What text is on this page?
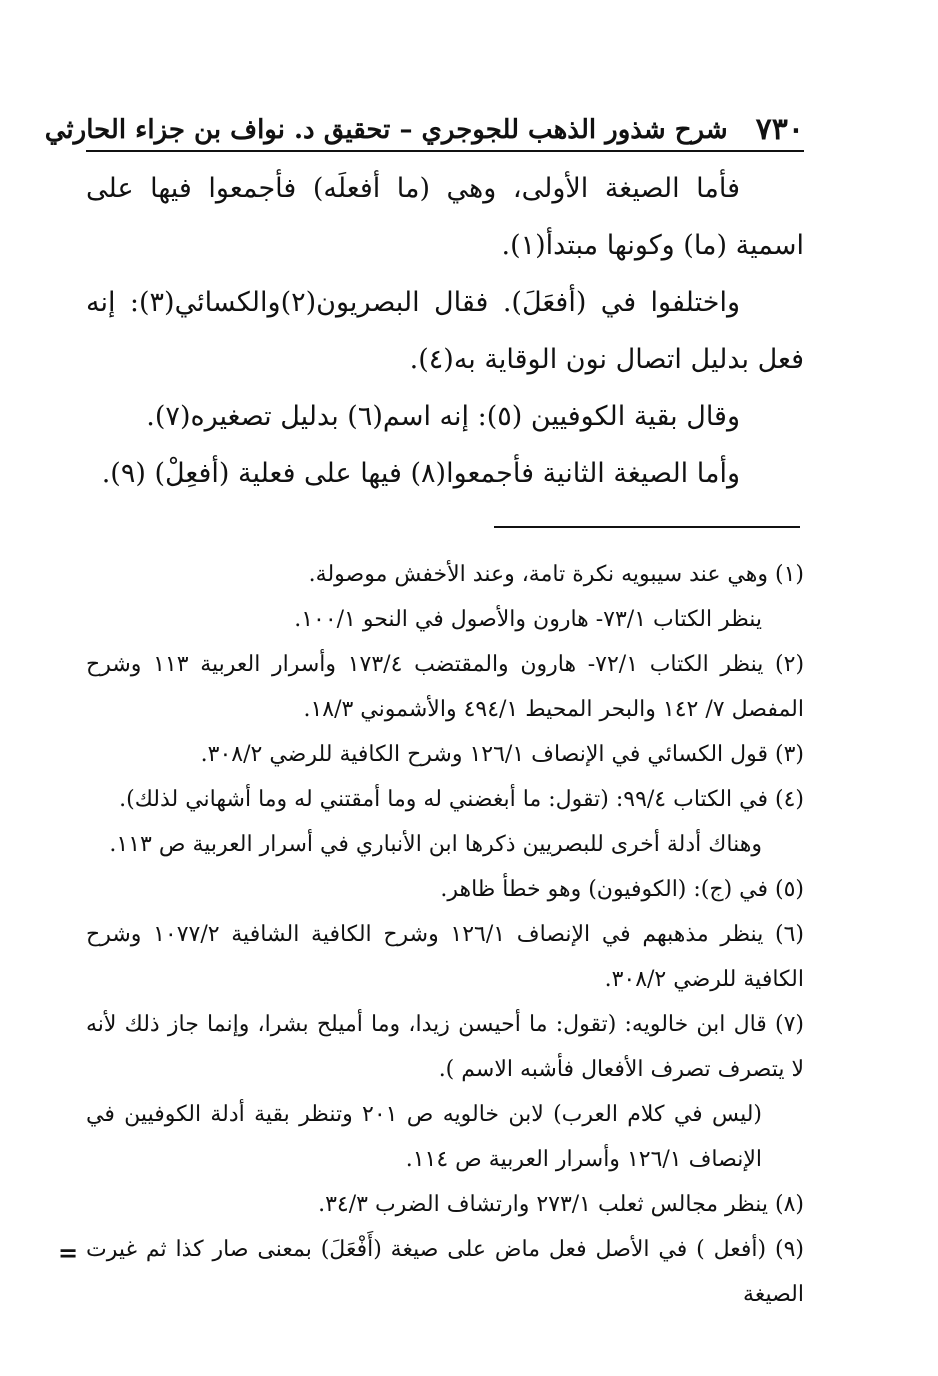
٧٣٠
شرح شذور الذهب للجوجري – تحقيق د. نواف بن جزاء الحارثي

فأما الصيغة الأولى، وهي (ما أفعلَه) فأجمعوا فيها على اسمية (ما) وكونها مبتدأ(١).

واختلفوا في (أفعَلَ). فقال البصريون(٢)والكسائي(٣): إنه فعل بدليل اتصال نون الوقاية به(٤).

وقال بقية الكوفيين (٥): إنه اسم(٦) بدليل تصغيره(٧).

وأما الصيغة الثانية فأجمعوا(٨) فيها على فعلية (أفعِلْ) (٩).

(١) وهي عند سيبويه نكرة تامة، وعند الأخفش موصولة.

ينظر الكتاب ٧٣/١- هارون والأصول في النحو ١٠٠/١.

(٢) ينظر الكتاب ٧٢/١- هارون والمقتضب ١٧٣/٤ وأسرار العربية ١١٣ وشرح المفصل ٧/ ١٤٢ والبحر المحيط ٤٩٤/١ والأشموني ١٨/٣.

(٣) قول الكسائي في الإنصاف ١٢٦/١ وشرح الكافية للرضي ٣٠٨/٢.

(٤) في الكتاب ٩٩/٤: (تقول: ما أبغضني له وما أمقتني له وما أشهاني لذلك).

وهناك أدلة أخرى للبصريين ذكرها ابن الأنباري في أسرار العربية ص ١١٣.

(٥) في (ج): (الكوفيون) وهو خطأ ظاهر.

(٦) ينظر مذهبهم في الإنصاف ١٢٦/١ وشرح الكافية الشافية ١٠٧٧/٢ وشرح الكافية للرضي ٣٠٨/٢.

(٧) قال ابن خالويه: (تقول: ما أحيسن زيدا، وما أميلح بشرا، وإنما جاز ذلك لأنه لا يتصرف تصرف الأفعال فأشبه الاسم ).

(ليس في كلام العرب) لابن خالويه ص ٢٠١ وتنظر بقية أدلة الكوفيين في الإنصاف ١٢٦/١ وأسرار العربية ص ١١٤.

(٨) ينظر مجالس ثعلب ٢٧٣/١ وارتشاف الضرب ٣٤/٣.

(٩) (أفعل ) في الأصل فعل ماض على صيغة (أَفْعَلَ) بمعنى صار كذا ثم غيرت الصيغة

=
